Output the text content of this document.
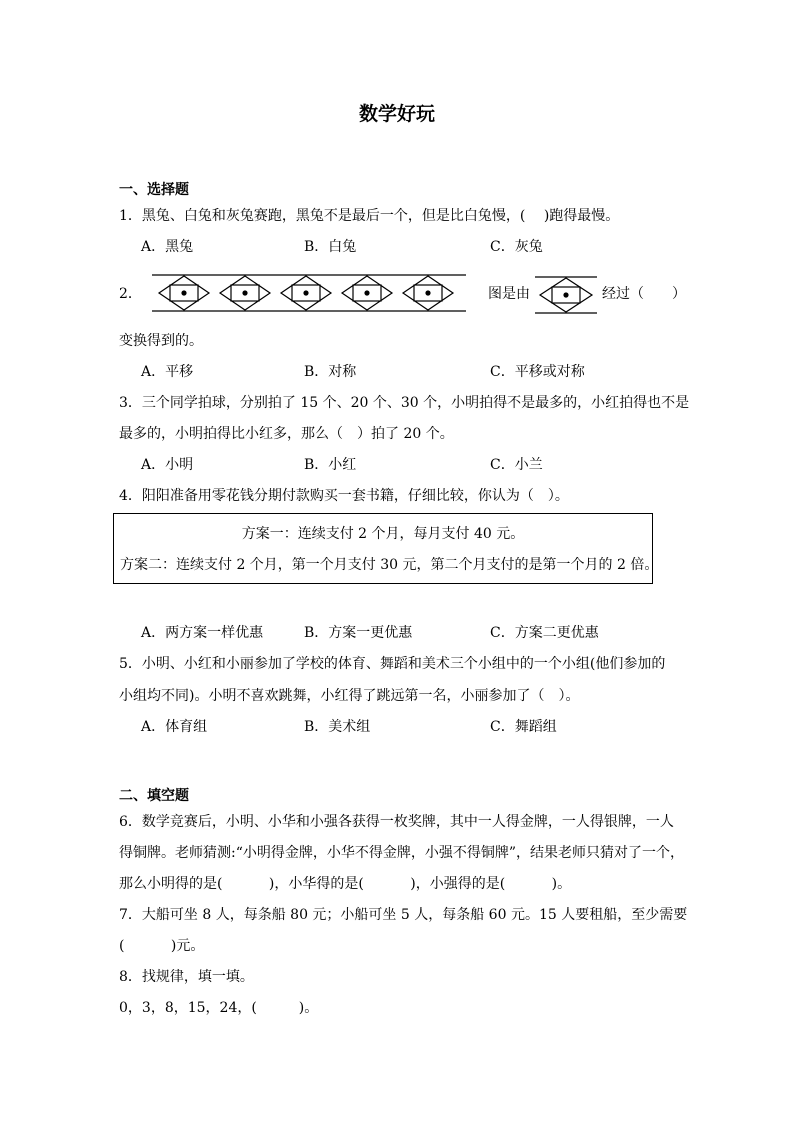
数学好玩
一、选择题
1．黑兔、白兔和灰兔赛跑，黑兔不是最后一个，但是比白兔慢，(　 )跑得最慢。
A．黑兔	B．白兔	C．灰兔
2．	图是由	经过（　　）
变换得到的。
A．平移	B．对称	C．平移或对称
3．三个同学拍球，分别拍了 15 个、20 个、30 个，小明拍得不是最多的，小红拍得也不是
最多的，小明拍得比小红多，那么（　）拍了 20 个。
A．小明	B．小红	C．小兰
4．阳阳准备用零花钱分期付款购买一套书籍，仔细比较，你认为（　）。
方案一：连续支付 2 个月，每月支付 40 元。
方案二：连续支付 2 个月，第一个月支付 30 元，第二个月支付的是第一个月的 2 倍。
A．两方案一样优惠	B．方案一更优惠	C．方案二更优惠
5．小明、小红和小丽参加了学校的体育、舞蹈和美术三个小组中的一个小组(他们参加的
小组均不同)。小明不喜欢跳舞，小红得了跳远第一名，小丽参加了（　）。
A．体育组	B．美术组	C．舞蹈组
二、填空题
6．数学竞赛后，小明、小华和小强各获得一枚奖牌，其中一人得金牌，一人得银牌，一人
得铜牌。老师猜测:“小明得金牌，小华不得金牌，小强不得铜牌”，结果老师只猜对了一个，
那么小明得的是(　　　 )，小华得的是(　　　 )，小强得的是(　　　 )。
7．大船可坐 8 人，每条船 80 元；小船可坐 5 人，每条船 60 元。15 人要租船，至少需要
(　　　 )元。
8．找规律，填一填。
0，3，8，15，24，(　　　)。
